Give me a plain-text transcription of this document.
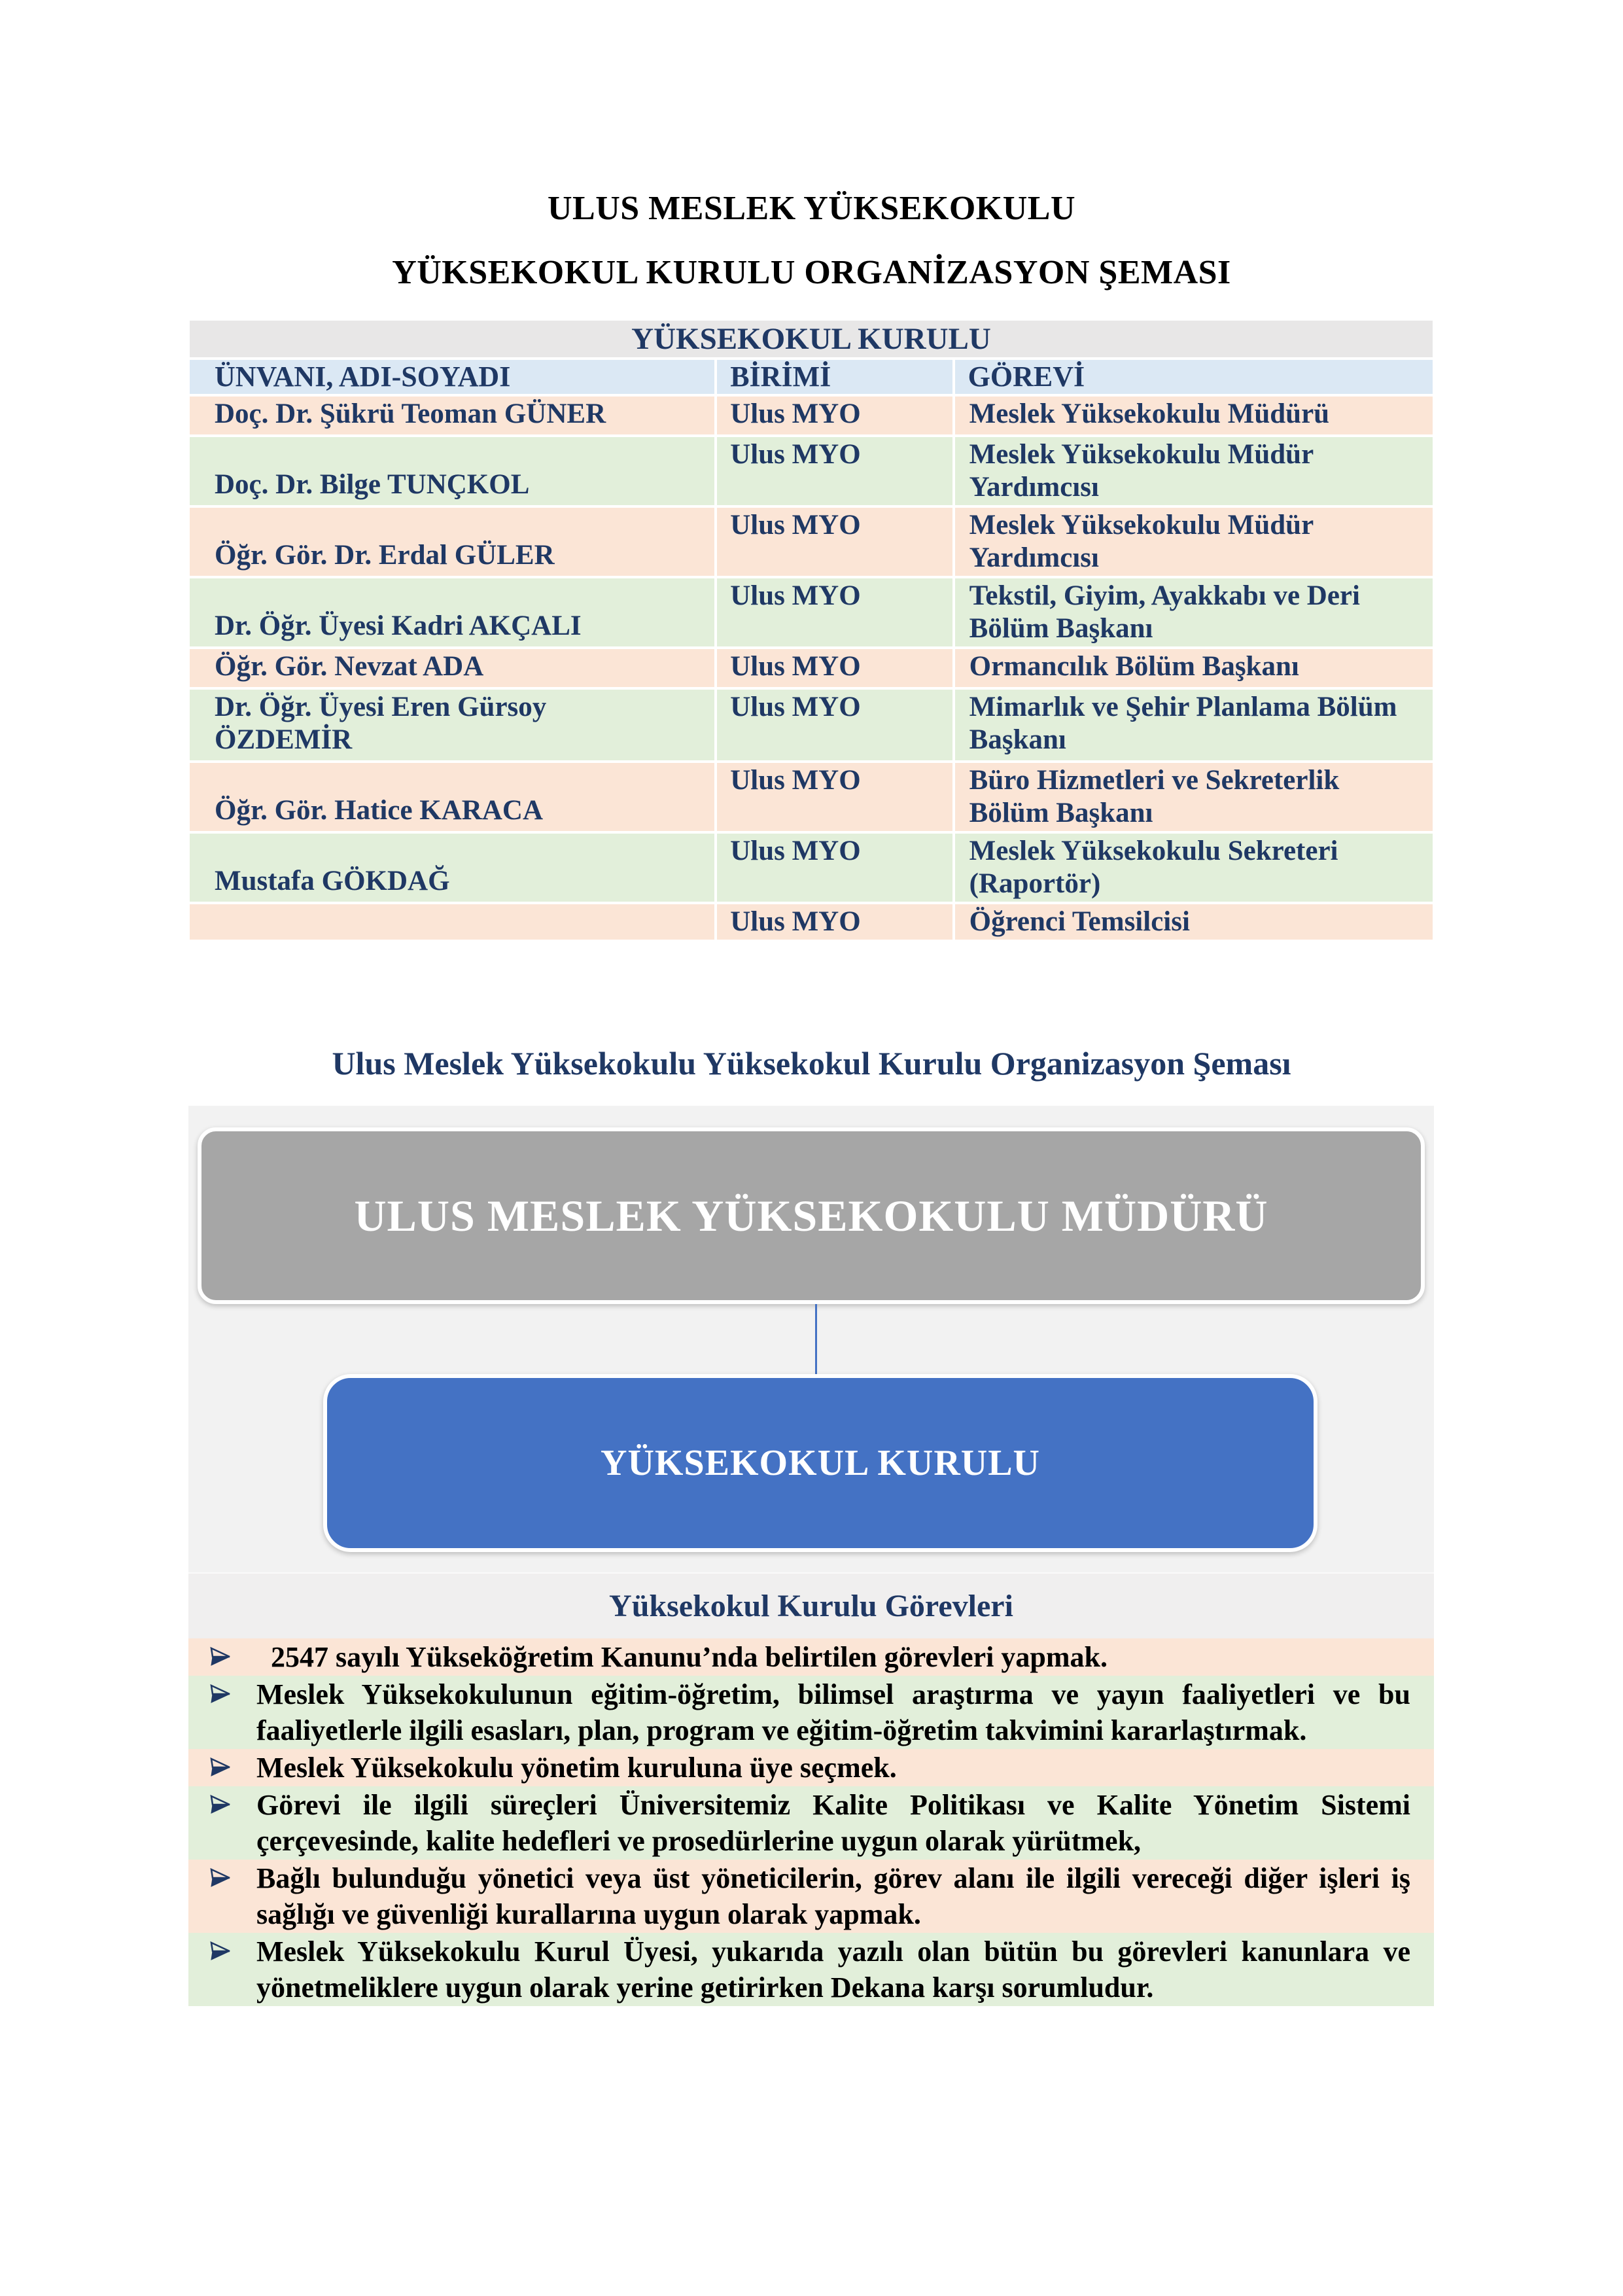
ULUS MESLEK YÜKSEKOKULU
YÜKSEKOKUL KURULU ORGANİZASYON ŞEMASI
YÜKSEKOKUL KURULU		
ÜNVANI, ADI-SOYADI	BİRİMİ	GÖREVİ
Doç. Dr. Şükrü Teoman GÜNER	Ulus MYO	Meslek Yüksekokulu Müdürü
Doç. Dr. Bilge TUNÇKOL	Ulus MYO	Meslek Yüksekokulu Müdür Yardımcısı
Öğr. Gör. Dr. Erdal GÜLER	Ulus MYO	Meslek Yüksekokulu Müdür Yardımcısı
Dr. Öğr. Üyesi Kadri AKÇALI	Ulus MYO	Tekstil, Giyim, Ayakkabı ve Deri Bölüm Başkanı
Öğr. Gör. Nevzat ADA	Ulus MYO	Ormancılık Bölüm Başkanı
Dr. Öğr. Üyesi Eren Gürsoy ÖZDEMİR	Ulus MYO	Mimarlık ve Şehir Planlama Bölüm Başkanı
Öğr. Gör. Hatice KARACA	Ulus MYO	Büro Hizmetleri ve Sekreterlik Bölüm Başkanı
Mustafa GÖKDAĞ	Ulus MYO	Meslek Yüksekokulu Sekreteri (Raportör)
	Ulus MYO	Öğrenci Temsilcisi
Ulus Meslek Yüksekokulu Yüksekokul Kurulu Organizasyon Şeması
ULUS MESLEK YÜKSEKOKULU MÜDÜRÜ
YÜKSEKOKUL KURULU
Yüksekokul Kurulu Görevleri
2547 sayılı Yükseköğretim Kanunu’nda belirtilen görevleri yapmak.
Meslek Yüksekokulunun eğitim-öğretim, bilimsel araştırma ve yayın faaliyetleri ve bu faaliyetlerle ilgili esasları, plan, program ve eğitim-öğretim takvimini kararlaştırmak.
Meslek Yüksekokulu yönetim kuruluna üye seçmek.
Görevi ile ilgili süreçleri Üniversitemiz Kalite Politikası ve Kalite Yönetim Sistemi çerçevesinde, kalite hedefleri ve prosedürlerine uygun olarak yürütmek,
Bağlı bulunduğu yönetici veya üst yöneticilerin, görev alanı ile ilgili vereceği diğer işleri iş sağlığı ve güvenliği kurallarına uygun olarak yapmak.
Meslek Yüksekokulu Kurul Üyesi, yukarıda yazılı olan bütün bu görevleri kanunlara ve yönetmeliklere uygun olarak yerine getirirken Dekana karşı sorumludur.
